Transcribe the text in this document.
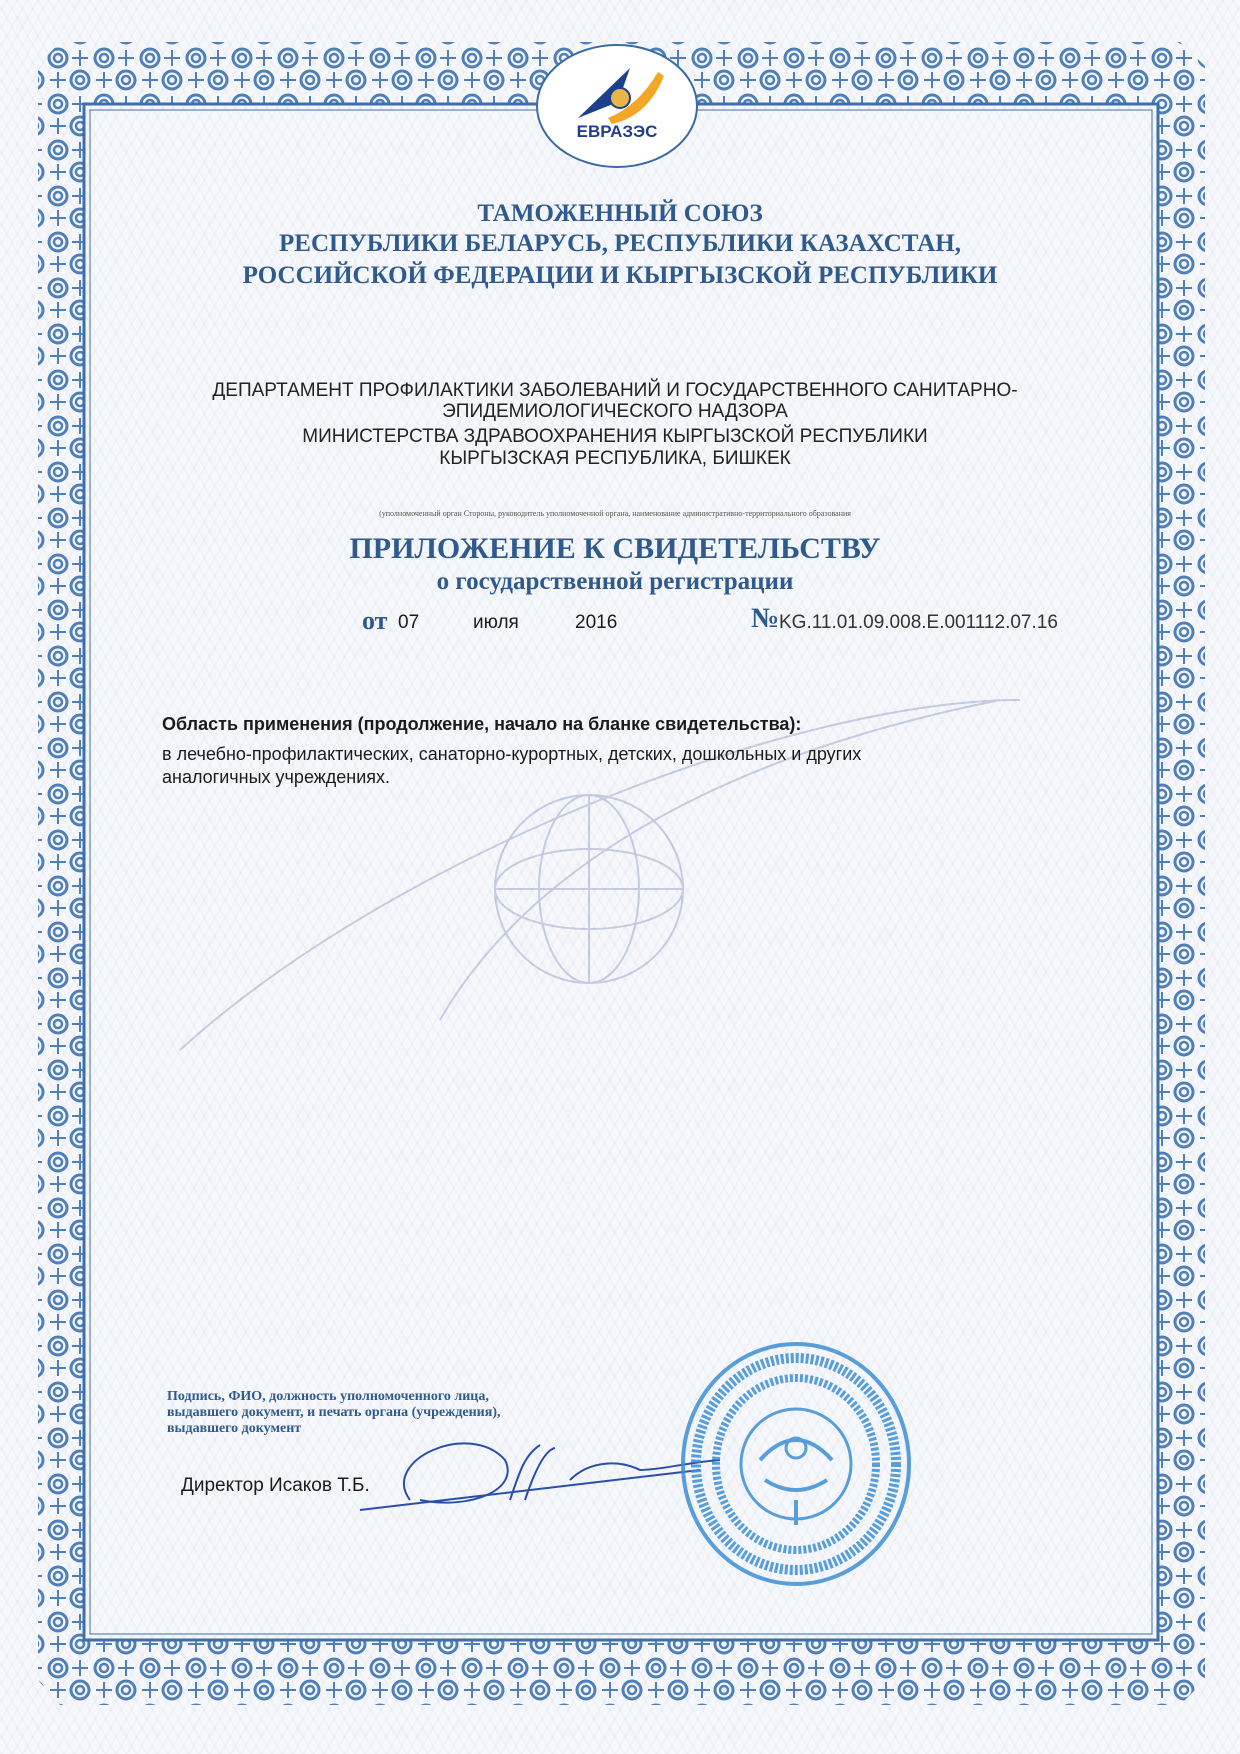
ЕВРАЗЭС
ТАМОЖЕННЫЙ СОЮЗ
РЕСПУБЛИКИ БЕЛАРУСЬ, РЕСПУБЛИКИ КАЗАХСТАН,
РОССИЙСКОЙ ФЕДЕРАЦИИ И КЫРГЫЗСКОЙ РЕСПУБЛИКИ
ДЕПАРТАМЕНТ ПРОФИЛАКТИКИ ЗАБОЛЕВАНИЙ И ГОСУДАРСТВЕННОГО САНИТАРНО-
ЭПИДЕМИОЛОГИЧЕСКОГО НАДЗОРА
МИНИСТЕРСТВА ЗДРАВООХРАНЕНИЯ КЫРГЫЗСКОЙ РЕСПУБЛИКИ
КЫРГЫЗСКАЯ РЕСПУБЛИКА, БИШКЕК
(уполномоченный орган Стороны, руководитель уполномоченной органа, наименование административно-территориального образования
ПРИЛОЖЕНИЕ К СВИДЕТЕЛЬСТВУ
о государственной регистрации
от 07	июля	2016	№ KG.11.01.09.008.E.001112.07.16
Область применения (продолжение, начало на бланке свидетельства):
в лечебно-профилактических, санаторно-курортных, детских, дошкольных и других
аналогичных учреждениях.
Подпись, ФИО, должность уполномоченного лица,
выдавшего документ, и печать органа (учреждения),
выдавшего документ
Директор Исаков Т.Б.
